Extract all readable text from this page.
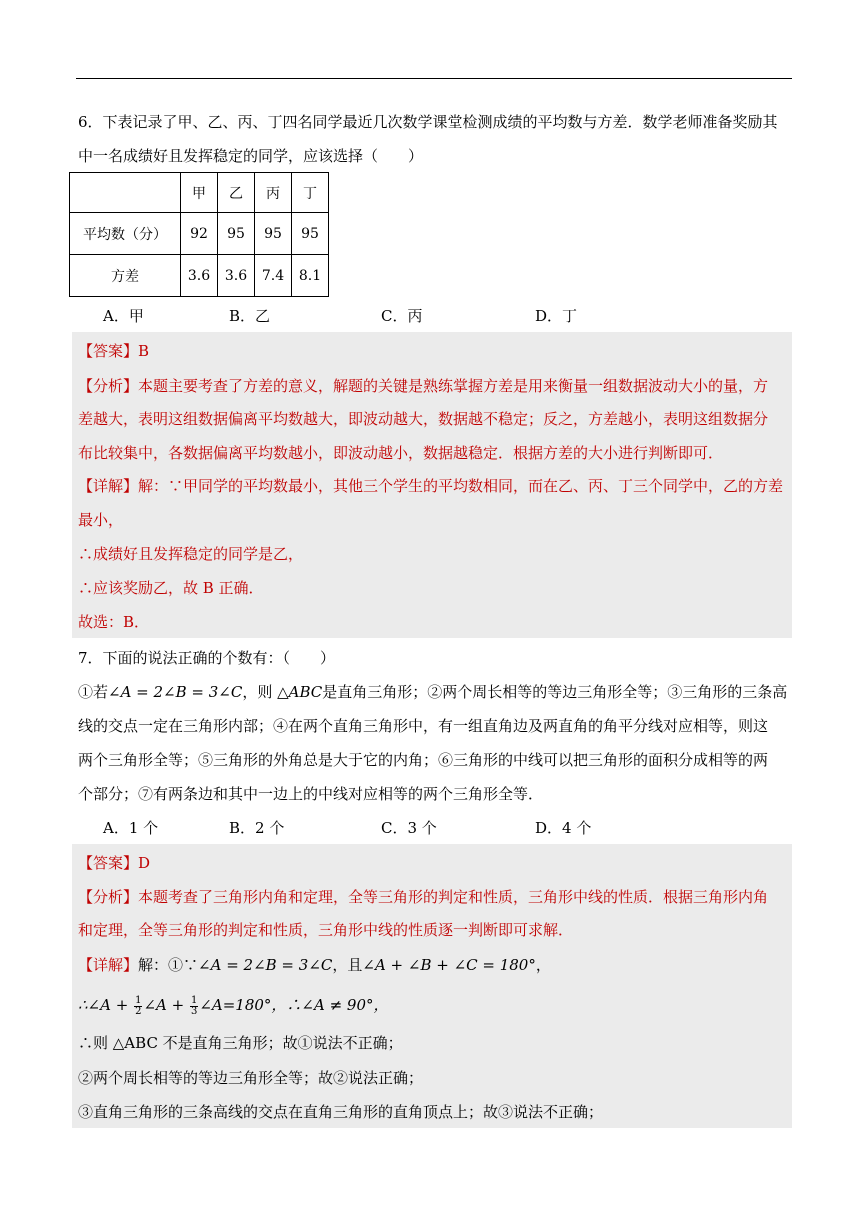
6．下表记录了甲、乙、丙、丁四名同学最近几次数学课堂检测成绩的平均数与方差．数学老师准备奖励其
中一名成绩好且发挥稳定的同学，应该选择（　　）
	甲	乙	丙	丁
平均数（分）	92	95	95	95
方差	3.6	3.6	7.4	8.1
A．甲	B．乙	C．丙	D．丁
【答案】B
【分析】本题主要考查了方差的意义，解题的关键是熟练掌握方差是用来衡量一组数据波动大小的量，方
差越大，表明这组数据偏离平均数越大，即波动越大，数据越不稳定；反之，方差越小，表明这组数据分
布比较集中，各数据偏离平均数越小，即波动越小，数据越稳定．根据方差的大小进行判断即可．
【详解】解：∵甲同学的平均数最小，其他三个学生的平均数相同，而在乙、丙、丁三个同学中，乙的方差
最小，
∴成绩好且发挥稳定的同学是乙，
∴应该奖励乙，故 B 正确．
故选：B．
7．下面的说法正确的个数有：（　　）
①若∠A = 2∠B = 3∠C，则 △ABC是直角三角形；②两个周长相等的等边三角形全等；③三角形的三条高
线的交点一定在三角形内部；④在两个直角三角形中，有一组直角边及两直角的角平分线对应相等，则这
两个三角形全等；⑤三角形的外角总是大于它的内角；⑥三角形的中线可以把三角形的面积分成相等的两
个部分；⑦有两条边和其中一边上的中线对应相等的两个三角形全等．
A．1 个	B．2 个	C．3 个	D．4 个
【答案】D
【分析】本题考查了三角形内角和定理，全等三角形的判定和性质，三角形中线的性质．根据三角形内角
和定理，全等三角形的判定和性质，三角形中线的性质逐一判断即可求解．
【详解】解：①∵∠A = 2∠B = 3∠C，且∠A + ∠B + ∠C = 180°，
∴∠A + $\frac{1}{2}$ ∠A + $\frac{1}{3}$ ∠A=180°，∴∠A ≠ 90°，
∴则 △ABC 不是直角三角形；故①说法不正确；
②两个周长相等的等边三角形全等；故②说法正确；
③直角三角形的三条高线的交点在直角三角形的直角顶点上；故③说法不正确；
